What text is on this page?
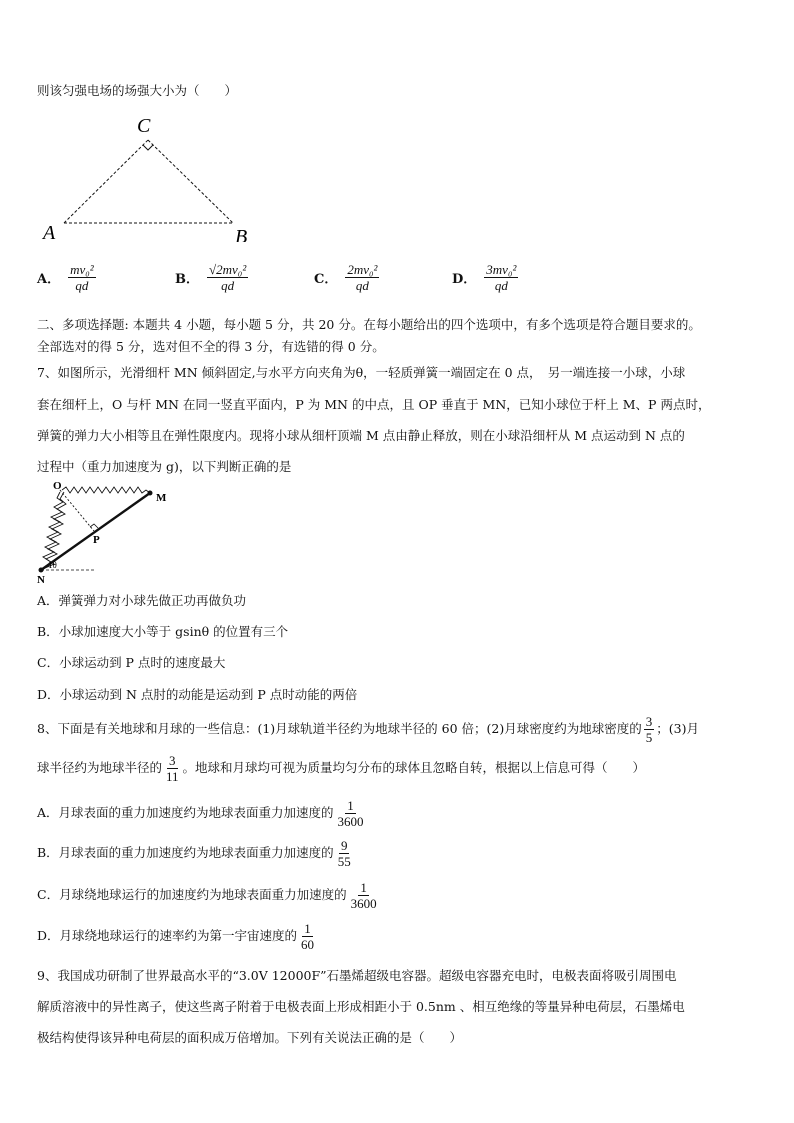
则该匀强电场的场强大小为（　　）
C
A	B
A． $\frac{\text{mv₀²}}{qd}$	B． $\frac{\text{√2mv₀²}}{qd}$	C． $\frac{\text{2mv₀²}}{qd}$	D． $\frac{\text{3mv₀²}}{qd}$
二、多项选择题: 本题共 4 小题，每小题 5 分，共 20 分。在每小题给出的四个选项中，有多个选项是符合题目要求的。
全部选对的得 5 分，选对但不全的得 3 分，有选错的得 0 分。
7、如图所示，光滑细杆 MN 倾斜固定,与水平方向夹角为θ，一轻质弹簧一端固定在 0 点，　另一端连接一小球，小球
套在细杆上，O 与杆 MN 在同一竖直平面内，P 为 MN 的中点，且 OP 垂直于 MN，已知小球位于杆上 M、P 两点时，
弹簧的弹力大小相等且在弹性限度内。现将小球从细杆顶端 M 点由静止释放，则在小球沿细杆从 M 点运动到 N 点的
过程中（重力加速度为 g)，以下判断正确的是
O
M
P
N
1θ
A．弹簧弹力对小球先做正功再做负功
B．小球加速度大小等于 gsinθ 的位置有三个
C．小球运动到 P 点时的速度最大
D．小球运动到 N 点肘的动能是运动到 P 点时动能的两倍
8、下面是有关地球和月球的一些信息：(1)月球轨道半径约为地球半径的 60 倍；(2)月球密度约为地球密度的 $\frac{3}{5}$ ；(3)月
球半径约为地球半径的 $\frac{3}{11}$ 。地球和月球均可视为质量均匀分布的球体且忽略自转，根据以上信息可得（　　）
A．月球表面的重力加速度约为地球表面重力加速度的 $\frac{1}{3600}$
B．月球表面的重力加速度约为地球表面重力加速度的 $\frac{9}{55}$
C．月球绕地球运行的加速度约为地球表面重力加速度的 $\frac{1}{3600}$
D．月球绕地球运行的速率约为第一宇宙速度的 $\frac{1}{60}$
9、我国成功研制了世界最高水平的“3.0V 12000F”石墨烯超级电容器。超级电容器充电时，电极表面将吸引周围电
解质溶液中的异性离子，使这些离子附着于电极表面上形成相距小于 0.5nm 、相互绝缘的等量异种电荷层，石墨烯电
极结构使得该异种电荷层的面积成万倍增加。下列有关说法正确的是（　　）
